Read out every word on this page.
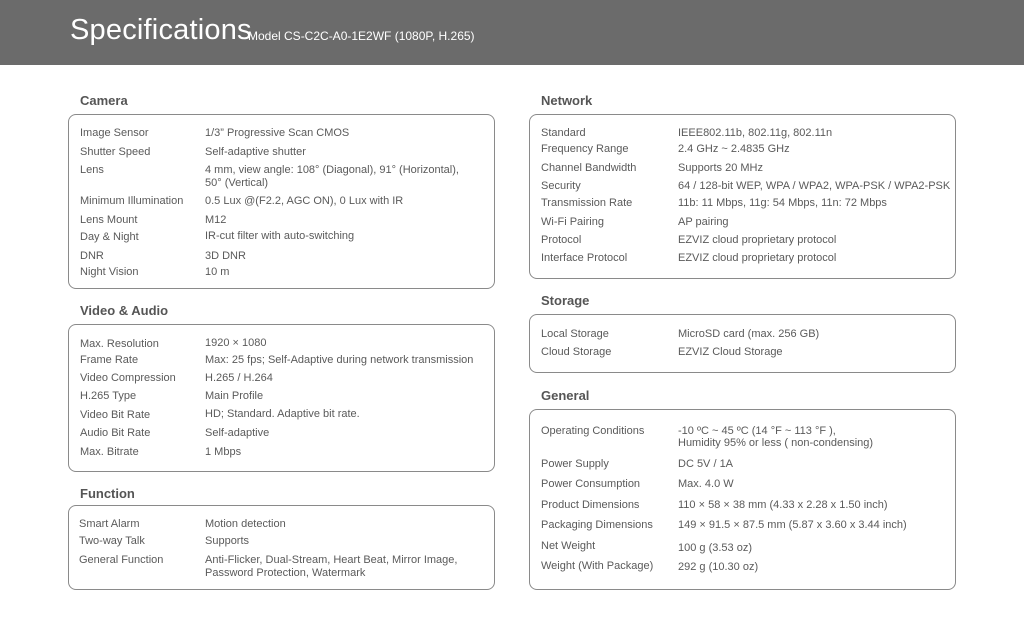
Specifications
Model CS-C2C-A0-1E2WF (1080P, H.265)
Camera
Image Sensor	1/3” Progressive Scan CMOS
Shutter Speed	Self-adaptive shutter
Lens	4 mm, view angle: 108° (Diagonal), 91° (Horizontal),
50° (Vertical)
Minimum Illumination 0.5 Lux @(F2.2, AGC ON), 0 Lux with IR
Lens Mount	M12
Day & Night	IR-cut filter with auto-switching
DNR	3D DNR
Night Vision	10 m
Video & Audio
Max. Resolution	1920 × 1080
Frame Rate	Max: 25 fps; Self-Adaptive during network transmission
Video Compression	H.265 / H.264
H.265 Type	Main Profile
Video Bit Rate	HD; Standard. Adaptive bit rate.
Audio Bit Rate	Self-adaptive
Max. Bitrate	1 Mbps
Function
Smart Alarm	Motion detection
Two-way Talk	Supports
General Function	Anti-Flicker, Dual-Stream, Heart Beat, Mirror Image,
Password Protection, Watermark
Network
Standard	IEEE802.11b, 802.11g, 802.11n
Frequency Range	2.4 GHz ~ 2.4835 GHz
Channel Bandwidth	Supports 20 MHz
Security	64 / 128-bit WEP, WPA / WPA2, WPA-PSK / WPA2-PSK
Transmission Rate	11b: 11 Mbps, 11g: 54 Mbps, 11n: 72 Mbps
Wi-Fi Pairing	AP pairing
Protocol	EZVIZ cloud proprietary protocol
Interface Protocol	EZVIZ cloud proprietary protocol
Storage
Local Storage	MicroSD card (max. 256 GB)
Cloud Storage	EZVIZ Cloud Storage
General
Operating Conditions	-10 ºC ~ 45 ºC (14 °F ~ 113 °F ),
Humidity 95% or less ( non-condensing)
Power Supply	DC 5V / 1A
Power Consumption	Max. 4.0 W
Product Dimensions	110 × 58 × 38 mm (4.33 x 2.28 x 1.50 inch)
Packaging Dimensions 149 × 91.5 × 87.5 mm (5.87 x 3.60 x 3.44 inch)
Net Weight	100 g (3.53 oz)
Weight (With Package) 292 g (10.30 oz)
